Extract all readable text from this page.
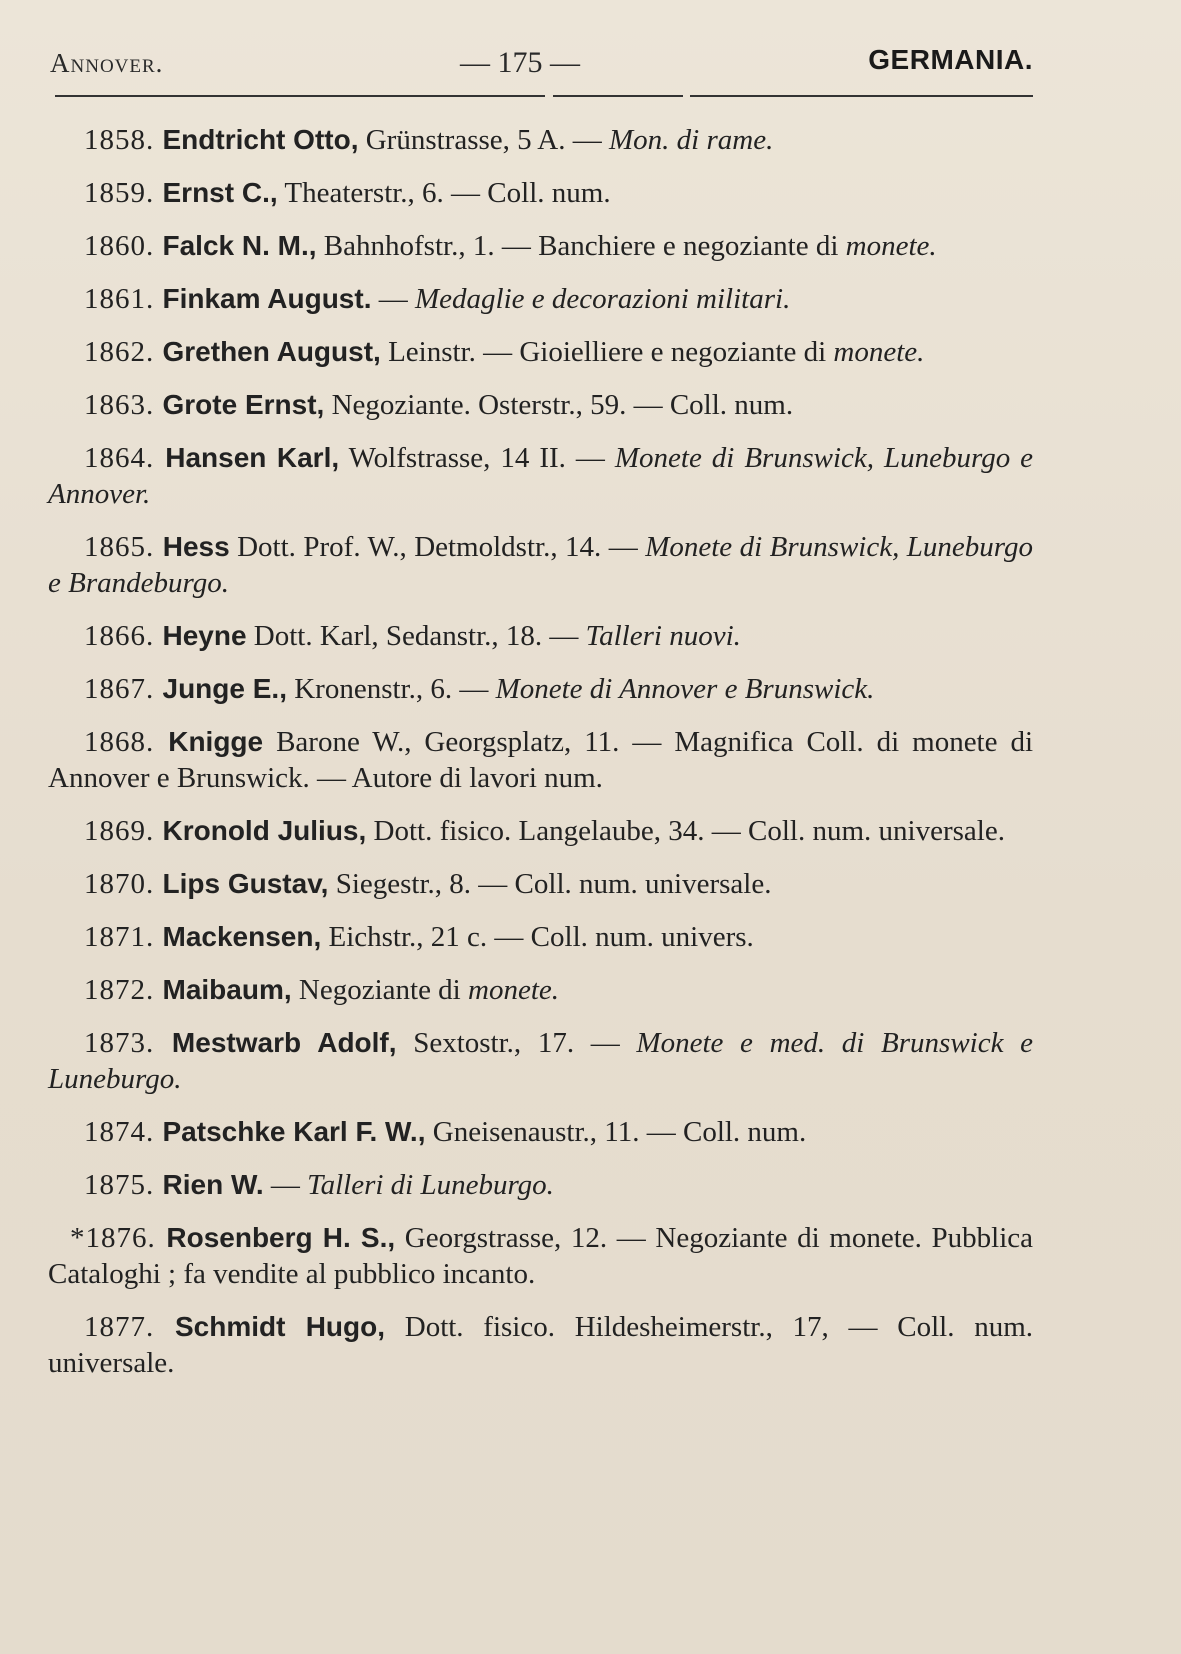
Annover.	— 175 —	GERMANIA.

1858. Endtricht Otto, Grünstrasse, 5 A. — Mon. di rame.

1859. Ernst C., Theaterstr., 6. — Coll. num.

1860. Falck N. M., Bahnhofstr., 1. — Banchiere e negoziante di monete.

1861. Finkam August. — Medaglie e decorazioni militari.

1862. Grethen August, Leinstr. — Gioielliere e negoziante di monete.

1863. Grote Ernst, Negoziante. Osterstr., 59. — Coll. num.

1864. Hansen Karl, Wolfstrasse, 14 II. — Monete di Brunswick, Luneburgo e Annover.

1865. Hess Dott. Prof. W., Detmoldstr., 14. — Monete di Brunswick, Luneburgo e Brandeburgo.

1866. Heyne Dott. Karl, Sedanstr., 18. — Talleri nuovi.

1867. Junge E., Kronenstr., 6. — Monete di Annover e Brunswick.

1868. Knigge Barone W., Georgsplatz, 11. — Magnifica Coll. di monete di Annover e Brunswick. — Autore di lavori num.

1869. Kronold Julius, Dott. fisico. Langelaube, 34. — Coll. num. universale.

1870. Lips Gustav, Siegestr., 8. — Coll. num. universale.

1871. Mackensen, Eichstr., 21 c. — Coll. num. univers.

1872. Maibaum, Negoziante di monete.

1873. Mestwarb Adolf, Sextostr., 17. — Monete e med. di Brunswick e Luneburgo.

1874. Patschke Karl F. W., Gneisenaustr., 11. — Coll. num.

1875. Rien W. — Talleri di Luneburgo.

*1876. Rosenberg H. S., Georgstrasse, 12. — Negoziante di monete. Pubblica Cataloghi ; fa vendite al pubblico incanto.

1877. Schmidt Hugo, Dott. fisico. Hildesheimerstr., 17, — Coll. num. universale.
